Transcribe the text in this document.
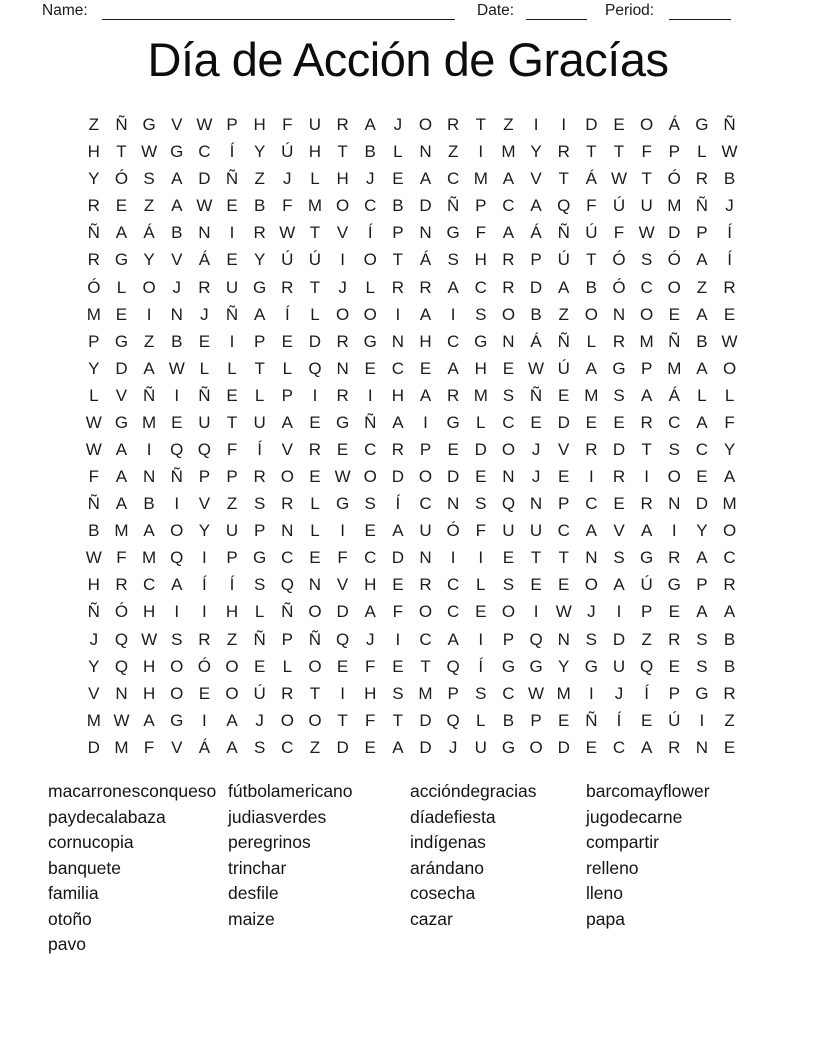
Name:	Date:	Period:
Día de Acción de Gracías
Z Ñ G V W P H F U R A	J O R T	Z	I	I	D E O Á G Ñ
H T W G C	Í	Y Ú H T B	L N Z	I	M Y R T	T	F P	L W
Y Ó S A D Ñ Z	J	L H	J	E A C M A V T Á W T Ó R B
R E Z A W E B F M O C B D Ñ P C A Q F Ú U M Ñ	J
Ñ A Á B N	I	R W T V	Í	P N G F A Á Ñ Ú F W D P	Í
R G Y V Á E Y Ú Ú	I	O T Á S H R P Ú T Ó S Ó A	Í
Ó L O J	R U G R T	J	L R R A C R D A B Ó C O Z R
M E	I	N	J	Ñ A	Í	L O O	I	A	I	S O B Z O N O E A E
P G Z B E	I	P E D R G N H C G N Á Ñ L R M Ñ B W
Y D A W L	L	T	L Q N E C E A H E W Ú A G P M A O
L	V Ñ	I	Ñ E	L	P	I	R	I	H A R M S Ñ E M S A Á	L	L
W G M E U T U A E G Ñ A	I	G L C E D E E R C A F
W A	I	Q Q F	Í	V R E C R P E D O J	V R D T S C Y
F A N Ñ P P R O E W O D O D E N	J	E	I	R	I	O E A
Ñ A B	I	V Z S R L G S	Í	C N S Q N P C E R N D M
B M A O Y U P N L	I	E A U Ó F U U C A V A	I	Y O
W F M Q	I	P G C E F C D N	I	I	E T	T N S G R A C
H R C A	Í	Í	S Q N V H E R C L	S E E O A Ú G P R
Ñ Ó H	I	I	H L Ñ O D A F O C E O	I	W J	I	P E A A
J Q W S R Z Ñ P Ñ Q J	I	C A	I	P Q N S D Z R S B
Y Q H O Ó O E	L O E F E T Q	Í	G G Y G U Q E S B
V N H O E O Ú R T	I	H S M P S C W M	I	J	Í	P G R
M W A G	I	A	J O O T	F	T D Q L	B P E Ñ	Í	E Ú	I	Z
D M F V Á A S C Z D E A D	J	U G O D E C A R N E
macarronesconqueso
paydecalabaza
cornucopia
banquete
familia
otoño
pavo
fútbolamericano
judiasverdes
peregrinos
trinchar
desfile
maize
accióndegracias
díadefiesta
indígenas
arándano
cosecha
cazar
barcomayflower
jugodecarne
compartir
relleno
lleno
papa
